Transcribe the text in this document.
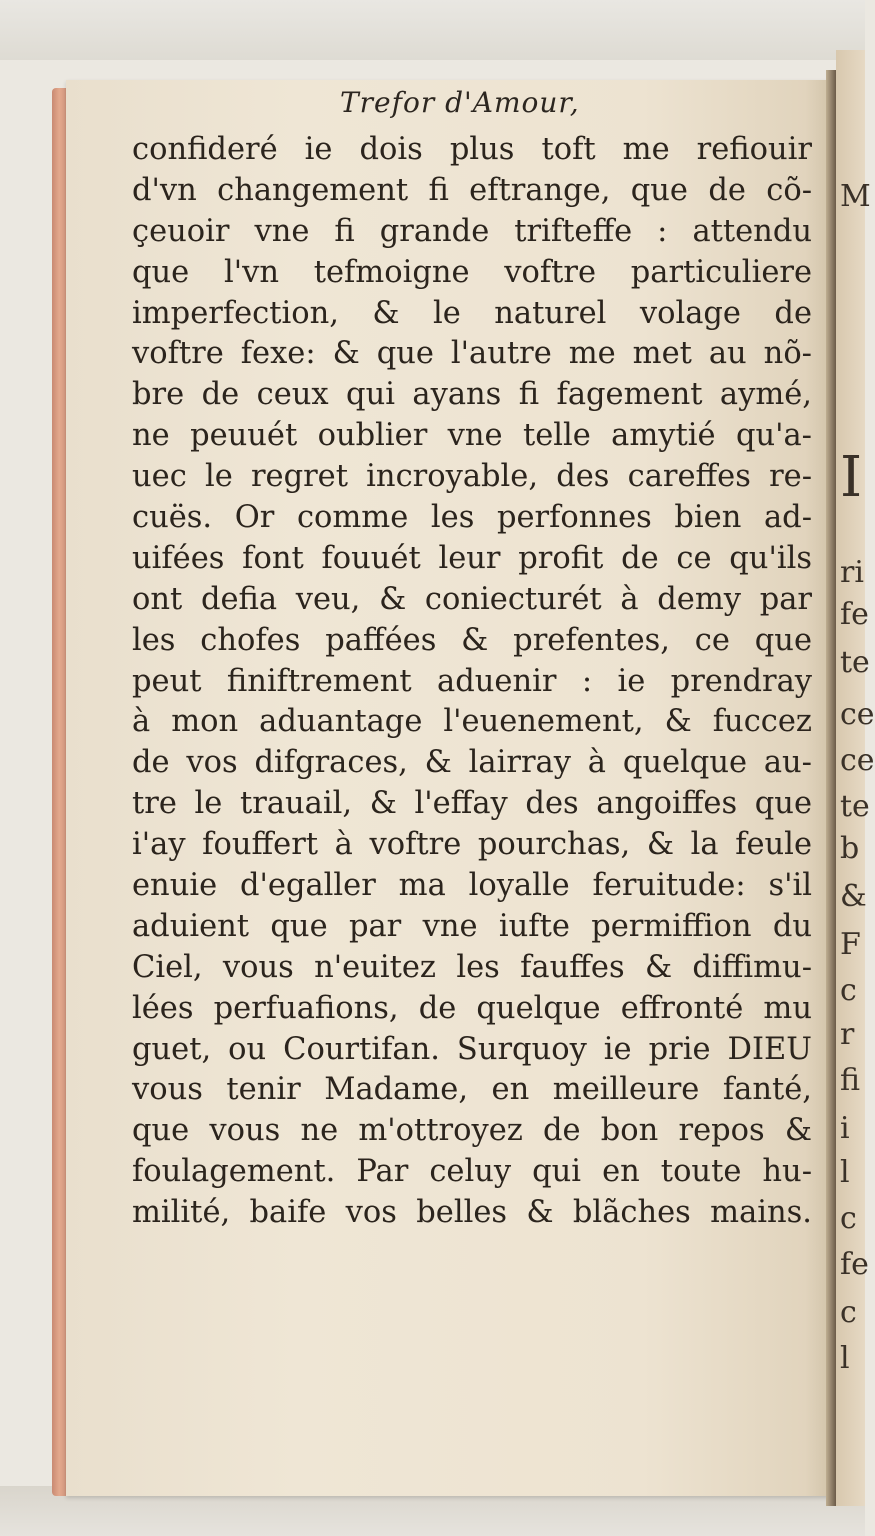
M
I
ri
fe
te
ce
ce
te
b
&
F
c
r
fi
i
l
c
fe
c
l
Trefor d'Amour,
confideré ie dois plus toft me refiouir
d'vn changement fi eftrange, que de cõ-
çeuoir vne fi grande trifteffe : attendu
que l'vn tefmoigne voftre particuliere
imperfection, & le naturel volage de
voftre fexe: & que l'autre me met au nõ-
bre de ceux qui ayans fi fagement aymé,
ne peuuét oublier vne telle amytié qu'a-
uec le regret incroyable, des careffes re-
cuës. Or comme les perfonnes bien ad-
uifées font fouuét leur profit de ce qu'ils
ont defia veu, & conie​cturét à demy par
les chofes paffées & prefentes, ce que
peut finiftrement aduenir : ie prendray
à mon aduantage l'euenement, & fuccez
de vos difgraces, & lairray à quelque au-
tre le trauail, & l'effay des angoiffes que
i'ay fouffert à voftre pourchas, & la feule
enuie d'egaller ma loyalle feruitude: s'il
aduient que par vne iufte permiffion du
Ciel, vous n'euitez les fauffes & diffimu-
lées perfuafions, de quelque effronté mu
guet, ou Courtifan. Surquoy ie prie DIEU
vous tenir Madame, en meilleure fanté,
que vous ne m'ottroyez de bon repos &
foulagement. Par celuy qui en toute hu-
milité, baife vos belles & blãches mains.
